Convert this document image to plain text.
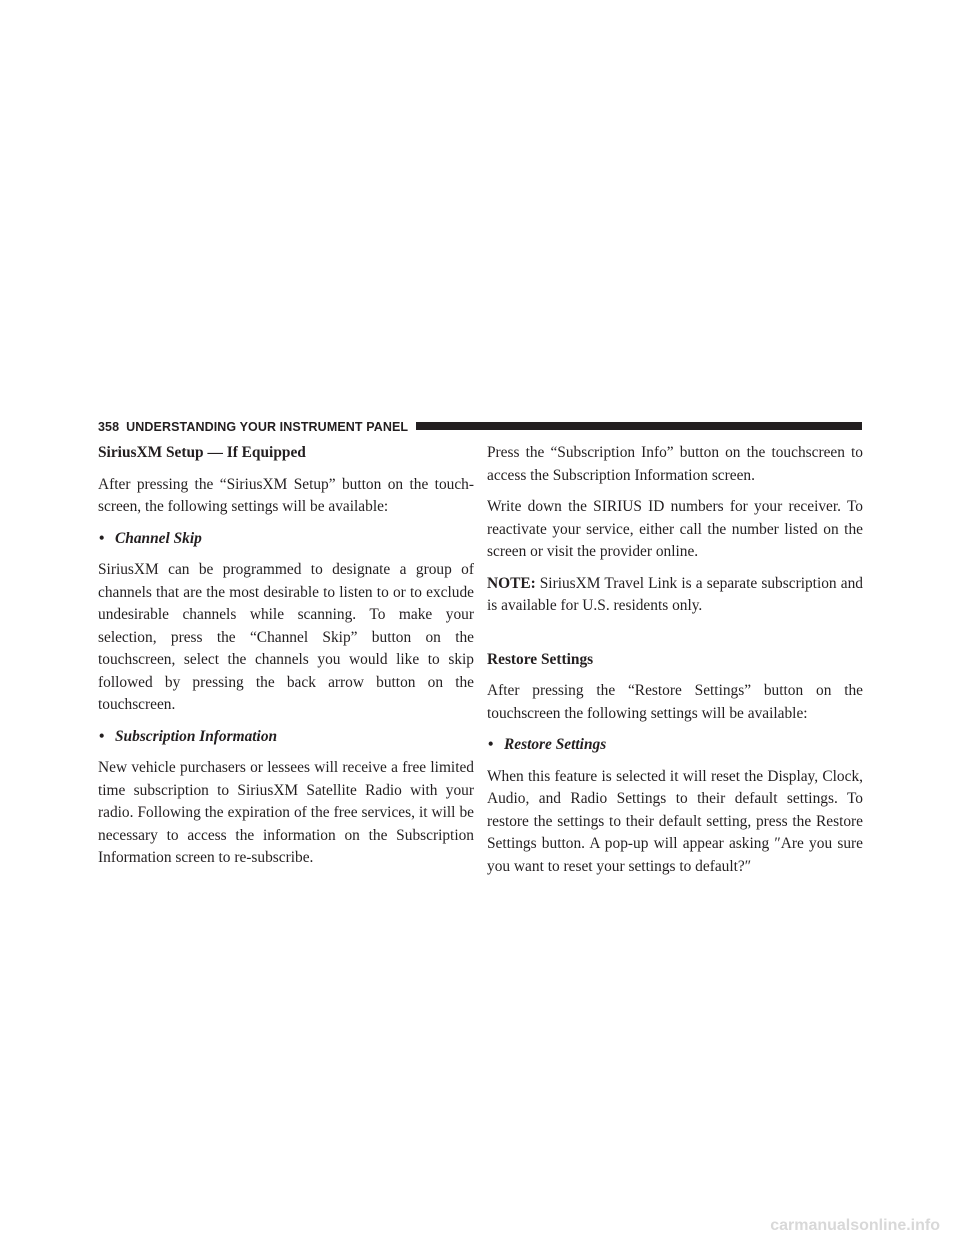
358 UNDERSTANDING YOUR INSTRUMENT PANEL
SiriusXM Setup — If Equipped

After pressing the “SiriusXM Setup” button on the touch-screen, the following settings will be available:

• Channel Skip

SiriusXM can be programmed to designate a group of channels that are the most desirable to listen to or to exclude undesirable channels while scanning. To make your selection, press the “Channel Skip” button on the touchscreen, select the channels you would like to skip followed by pressing the back arrow button on the touchscreen.

• Subscription Information

New vehicle purchasers or lessees will receive a free limited time subscription to SiriusXM Satellite Radio with your radio. Following the expiration of the free services, it will be necessary to access the information on the Subscription Information screen to re-subscribe.

Press the “Subscription Info” button on the touchscreen to access the Subscription Information screen.

Write down the SIRIUS ID numbers for your receiver. To reactivate your service, either call the number listed on the screen or visit the provider online.

NOTE: SiriusXM Travel Link is a separate subscription and is available for U.S. residents only.

Restore Settings

After pressing the “Restore Settings” button on the touchscreen the following settings will be available:

• Restore Settings

When this feature is selected it will reset the Display, Clock, Audio, and Radio Settings to their default settings. To restore the settings to their default setting, press the Restore Settings button. A pop-up will appear asking ″Are you sure you want to reset your settings to default?″

carmanualsonline.info
